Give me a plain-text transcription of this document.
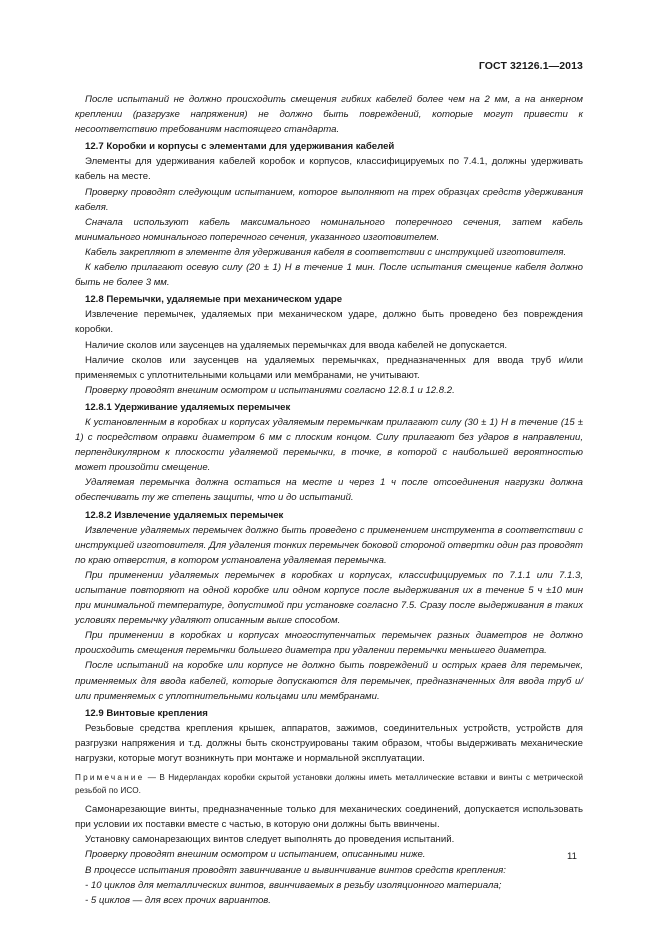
ГОСТ 32126.1—2013

После испытаний не должно происходить смещения гибких кабелей более чем на 2 мм, а на анкерном креплении (разгрузке напряжения) не должно быть повреждений, которые могут привести к несоответствию требованиям настоящего стандарта.

12.7 Коробки и корпусы с элементами для удерживания кабелей

Элементы для удерживания кабелей коробок и корпусов, классифицируемых по 7.4.1, должны удерживать кабель на месте.

Проверку проводят следующим испытанием, которое выполняют на трех образцах средств удерживания кабеля.

Сначала используют кабель максимального номинального поперечного сечения, затем кабель минимального номинального поперечного сечения, указанного изготовителем.

Кабель закрепляют в элементе для удерживания кабеля в соответствии с инструкцией изготовителя.

К кабелю прилагают осевую силу (20 ± 1) Н в течение 1 мин. После испытания смещение кабеля должно быть не более 3 мм.

12.8 Перемычки, удаляемые при механическом ударе

Извлечение перемычек, удаляемых при механическом ударе, должно быть проведено без повреждения коробки.

Наличие сколов или заусенцев на удаляемых перемычках для ввода кабелей не допускается.

Наличие сколов или заусенцев на удаляемых перемычках, предназначенных для ввода труб и/или применяемых с уплотнительными кольцами или мембранами, не учитывают.

Проверку проводят внешним осмотром и испытаниями согласно 12.8.1 и 12.8.2.

12.8.1 Удерживание удаляемых перемычек

К установленным в коробках и корпусах удаляемым перемычкам прилагают силу (30 ± 1) Н в течение (15 ± 1) с посредством оправки диаметром 6 мм с плоским концом. Силу прилагают без ударов в направлении, перпендикулярном к плоскости удаляемой перемычки, в точке, в которой с наибольшей вероятностью может произойти смещение.

Удаляемая перемычка должна остаться на месте и через 1 ч после отсоединения нагрузки должна обеспечивать ту же степень защиты, что и до испытаний.

12.8.2 Извлечение удаляемых перемычек

Извлечение удаляемых перемычек должно быть проведено с применением инструмента в соответствии с инструкцией изготовителя. Для удаления тонких перемычек боковой стороной отвертки один раз проводят по краю отверстия, в котором установлена удаляемая перемычка.

При применении удаляемых перемычек в коробках и корпусах, классифицируемых по 7.1.1 или 7.1.3, испытание повторяют на одной коробке или одном корпусе после выдерживания их в течение 5 ч ±10 мин при минимальной температуре, допустимой при установке согласно 7.5. Сразу после выдерживания в таких условиях перемычку удаляют описанным выше способом.

При применении в коробках и корпусах многоступенчатых перемычек разных диаметров не должно происходить смещения перемычки большего диаметра при удалении перемычки меньшего диаметра.

После испытаний на коробке или корпусе не должно быть повреждений и острых краев для перемычек, применяемых для ввода кабелей, которые допускаются для перемычек, предназначенных для ввода труб и/или применяемых с уплотнительными кольцами или мембранами.

12.9 Винтовые крепления

Резьбовые средства крепления крышек, аппаратов, зажимов, соединительных устройств, устройств для разгрузки напряжения и т.д. должны быть сконструированы таким образом, чтобы выдерживать механические нагрузки, которые могут возникнуть при монтаже и нормальной эксплуатации.

Примечание — В Нидерландах коробки скрытой установки должны иметь металлические вставки и винты с метрической резьбой по ИСО.

Самонарезающие винты, предназначенные только для механических соединений, допускается использовать при условии их поставки вместе с частью, в которую они должны быть ввинчены.

Установку самонарезающих винтов следует выполнять до проведения испытаний.

Проверку проводят внешним осмотром и испытанием, описанными ниже.

В процессе испытания проводят завинчивание и вывинчивание винтов средств крепления:

- 10 циклов для металлических винтов, ввинчиваемых в резьбу изоляционного материала;

- 5 циклов — для всех прочих вариантов.

11
